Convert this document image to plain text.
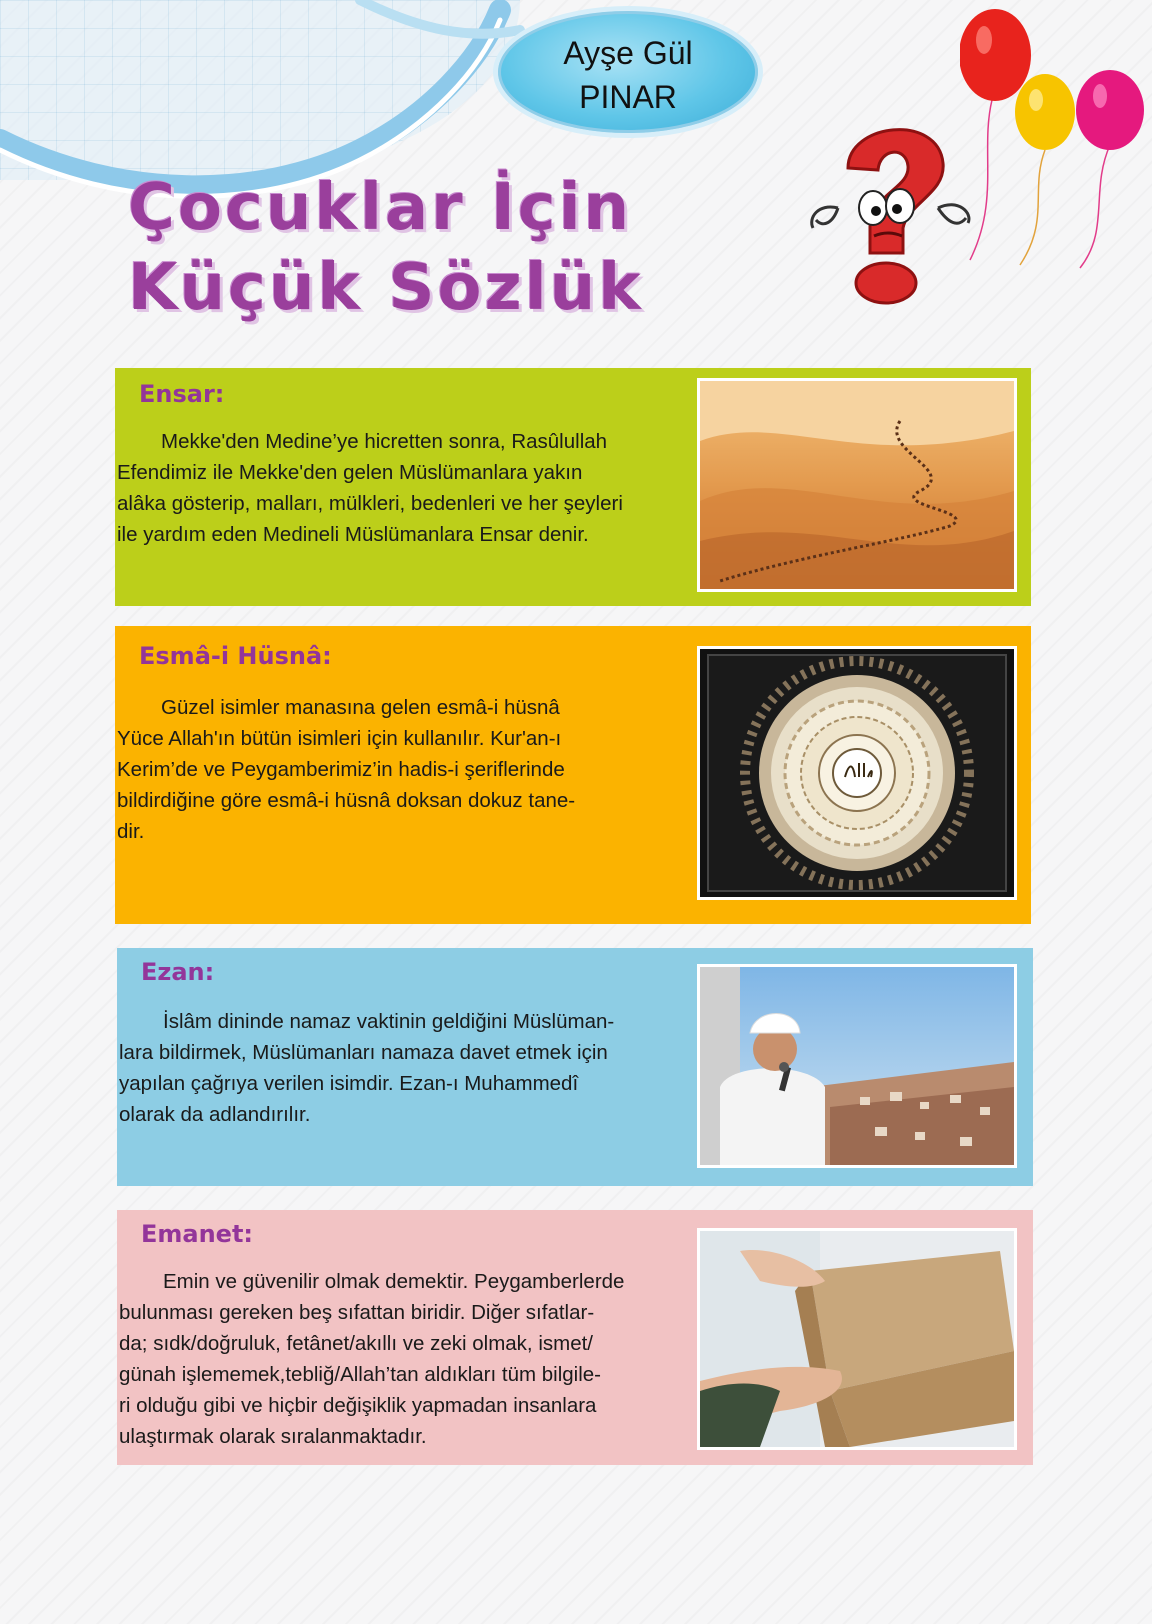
Ayşe Gül
PINAR
Çocuklar İçin
Küçük Sözlük
Ensar:

Mekke'den Medine’ye hicretten sonra, Rasûlullah
Efendimiz ile Mekke'den gelen Müslümanlara yakın
alâka gösterip, malları, mülkleri, bedenleri ve her şeyleri
ile yardım eden Medineli Müslümanlara Ensar denir.

Esmâ-i Hüsnâ:

Güzel isimler manasına gelen esmâ-i hüsnâ
Yüce Allah'ın bütün isimleri için kullanılır. Kur'an-ı
Kerim’de ve Peygamberimiz’in hadis-i şeriflerinde
bildirdiğine göre esmâ-i hüsnâ doksan dokuz tane-
dir.

Ezan:

İslâm dininde namaz vaktinin geldiğini Müslüman-
lara bildirmek, Müslümanları namaza davet etmek için
yapılan çağrıya verilen isimdir. Ezan-ı Muhammedî
olarak da adlandırılır.

Emanet:

Emin ve güvenilir olmak demektir. Peygamberlerde
bulunması gereken beş sıfattan biridir. Diğer sıfatlar-
da; sıdk/doğruluk, fetânet/akıllı ve zeki olmak, ismet/
günah işlememek,tebliğ/Allah’tan aldıkları tüm bilgile-
ri olduğu gibi ve hiçbir değişiklik yapmadan insanlara
ulaştırmak olarak sıralanmaktadır.
